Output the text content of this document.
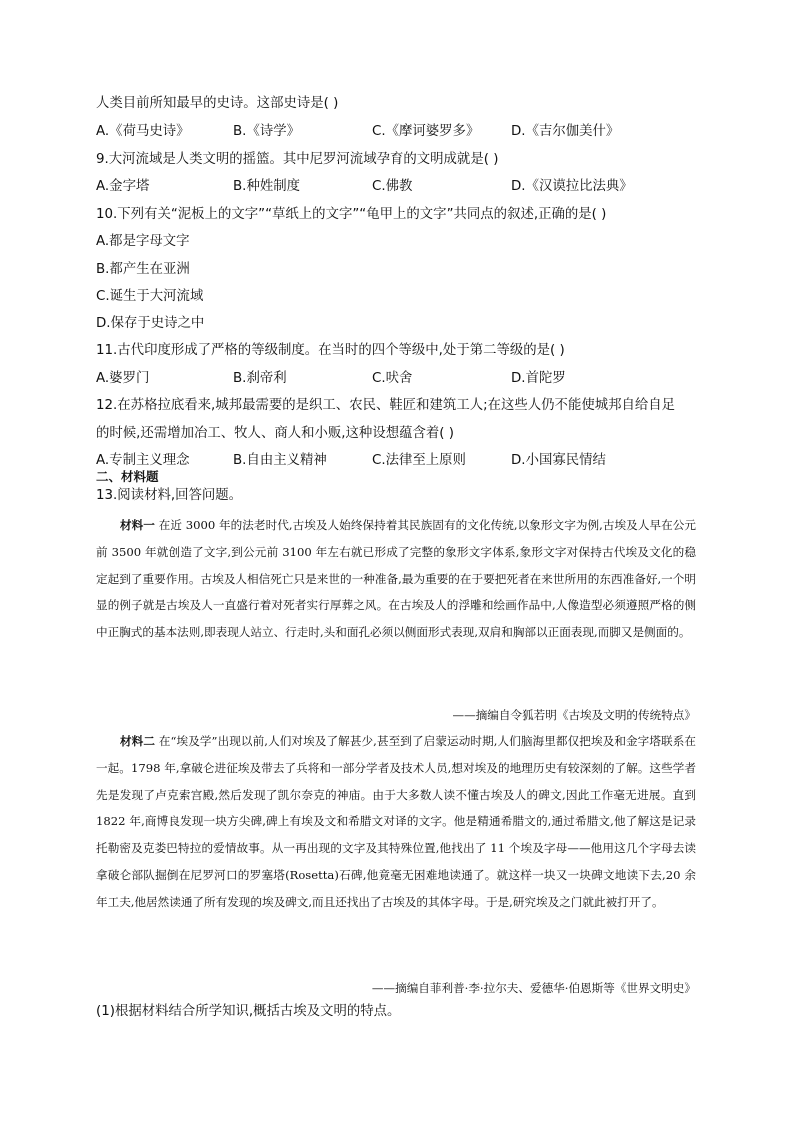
人类目前所知最早的史诗。这部史诗是( )
A.《荷马史诗》	B.《诗学》	C.《摩诃婆罗多》 D.《吉尔伽美什》
9.大河流域是人类文明的摇篮。其中尼罗河流域孕育的文明成就是( )
A.金字塔	B.种姓制度	C.佛教	D.《汉谟拉比法典》
10.下列有关“泥板上的文字”“草纸上的文字”“龟甲上的文字”共同点的叙述,正确的是( )
A.都是字母文字
B.都产生在亚洲
C.诞生于大河流域
D.保存于史诗之中
11.古代印度形成了严格的等级制度。在当时的四个等级中,处于第二等级的是( )
A.婆罗门	B.刹帝利	C.吠舍	D.首陀罗
12.在苏格拉底看来,城邦最需要的是织工、农民、鞋匠和建筑工人;在这些人仍不能使城邦自给自足
的时候,还需增加冶工、牧人、商人和小贩,这种设想蕴含着( )
A.专制主义理念	B.自由主义精神	C.法律至上原则	D.小国寡民情结
二、材料题
13.阅读材料,回答问题。
材料一 在近 3000 年的法老时代,古埃及人始终保持着其民族固有的文化传统,以象形文字为例,古埃及人早在公元前 3500 年就创造了文字,到公元前 3100 年左右就已形成了完整的象形文字体系,象形文字对保持古代埃及文化的稳定起到了重要作用。古埃及人相信死亡只是来世的一种准备,最为重要的在于要把死者在来世所用的东西准备好,一个明显的例子就是古埃及人一直盛行着对死者实行厚葬之风。在古埃及人的浮雕和绘画作品中,人像造型必须遵照严格的侧中正胸式的基本法则,即表现人站立、行走时,头和面孔必须以侧面形式表现,双肩和胸部以正面表现,而脚又是侧面的。
——摘编自令狐若明《古埃及文明的传统特点》
材料二 在“埃及学”出现以前,人们对埃及了解甚少,甚至到了启蒙运动时期,人们脑海里都仅把埃及和金字塔联系在一起。1798 年,拿破仑进征埃及带去了兵将和一部分学者及技术人员,想对埃及的地理历史有较深刻的了解。这些学者先是发现了卢克索宫殿,然后发现了凯尔奈克的神庙。由于大多数人读不懂古埃及人的碑文,因此工作毫无进展。直到 1822 年,商博良发现一块方尖碑,碑上有埃及文和希腊文对译的文字。他是精通希腊文的,通过希腊文,他了解这是记录托勒密及克娄巴特拉的爱情故事。从一再出现的文字及其特殊位置,他找出了 11 个埃及字母——他用这几个字母去读拿破仑部队掘倒在尼罗河口的罗塞塔(Rosetta)石碑,他竟毫无困难地读通了。就这样一块又一块碑文地读下去,20 余年工夫,他居然读通了所有发现的埃及碑文,而且还找出了古埃及的其体字母。于是,研究埃及之门就此被打开了。
——摘编自菲利普·李·拉尔夫、爱德华·伯恩斯等《世界文明史》
(1)根据材料结合所学知识,概括古埃及文明的特点。
